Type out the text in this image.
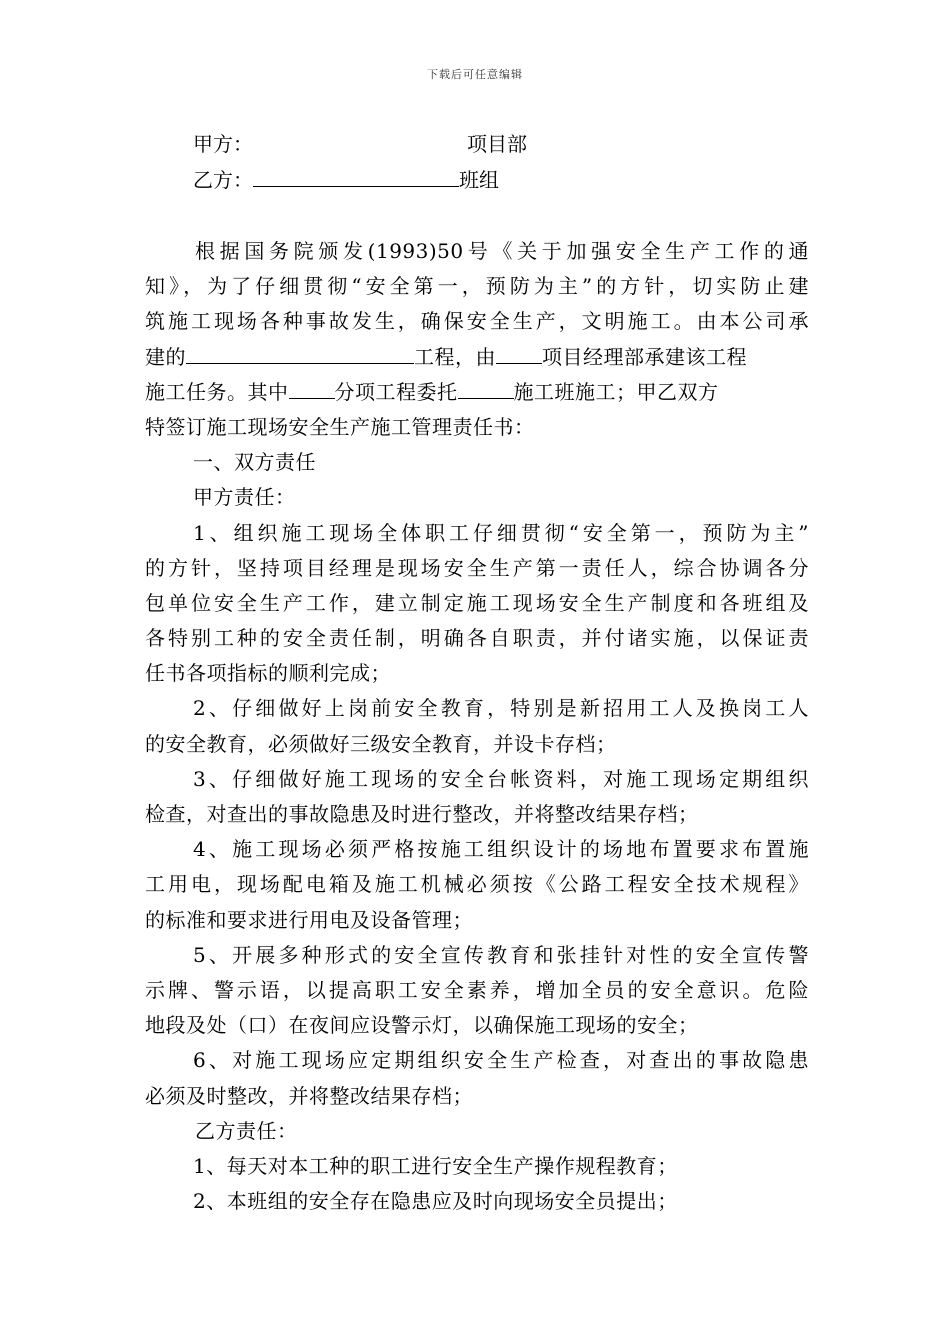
下载后可任意编辑
甲方：	项目部
乙方：	班组
根据国务院颁发(1993)50号《关于加强安全生产工作的通
知》，为了仔细贯彻“安全第一，预防为主”的方针，切实防止建
筑施工现场各种事故发生，确保安全生产，文明施工。由本公司承
建的	工程，由 项目经理部承建该工程
施工任务。其中 分项工程委托	施工班施工；甲乙双方
特签订施工现场安全生产施工管理责任书：
一、双方责任
甲方责任：
1、组织施工现场全体职工仔细贯彻“安全第一，预防为主”
的方针，坚持项目经理是现场安全生产第一责任人，综合协调各分
包单位安全生产工作，建立制定施工现场安全生产制度和各班组及
各特别工种的安全责任制，明确各自职责，并付诸实施，以保证责
任书各项指标的顺利完成；
2、仔细做好上岗前安全教育，特别是新招用工人及换岗工人
的安全教育，必须做好三级安全教育，并设卡存档；
3、仔细做好施工现场的安全台帐资料，对施工现场定期组织
检查，对查出的事故隐患及时进行整改，并将整改结果存档；
4、施工现场必须严格按施工组织设计的场地布置要求布置施
工用电，现场配电箱及施工机械必须按《公路工程安全技术规程》
的标准和要求进行用电及设备管理；
5、开展多种形式的安全宣传教育和张挂针对性的安全宣传警
示牌、警示语，以提高职工安全素养，增加全员的安全意识。危险
地段及处（口）在夜间应设警示灯，以确保施工现场的安全；
6、对施工现场应定期组织安全生产检查，对查出的事故隐患
必须及时整改，并将整改结果存档；
乙方责任：
1、每天对本工种的职工进行安全生产操作规程教育；
2、本班组的安全存在隐患应及时向现场安全员提出；
